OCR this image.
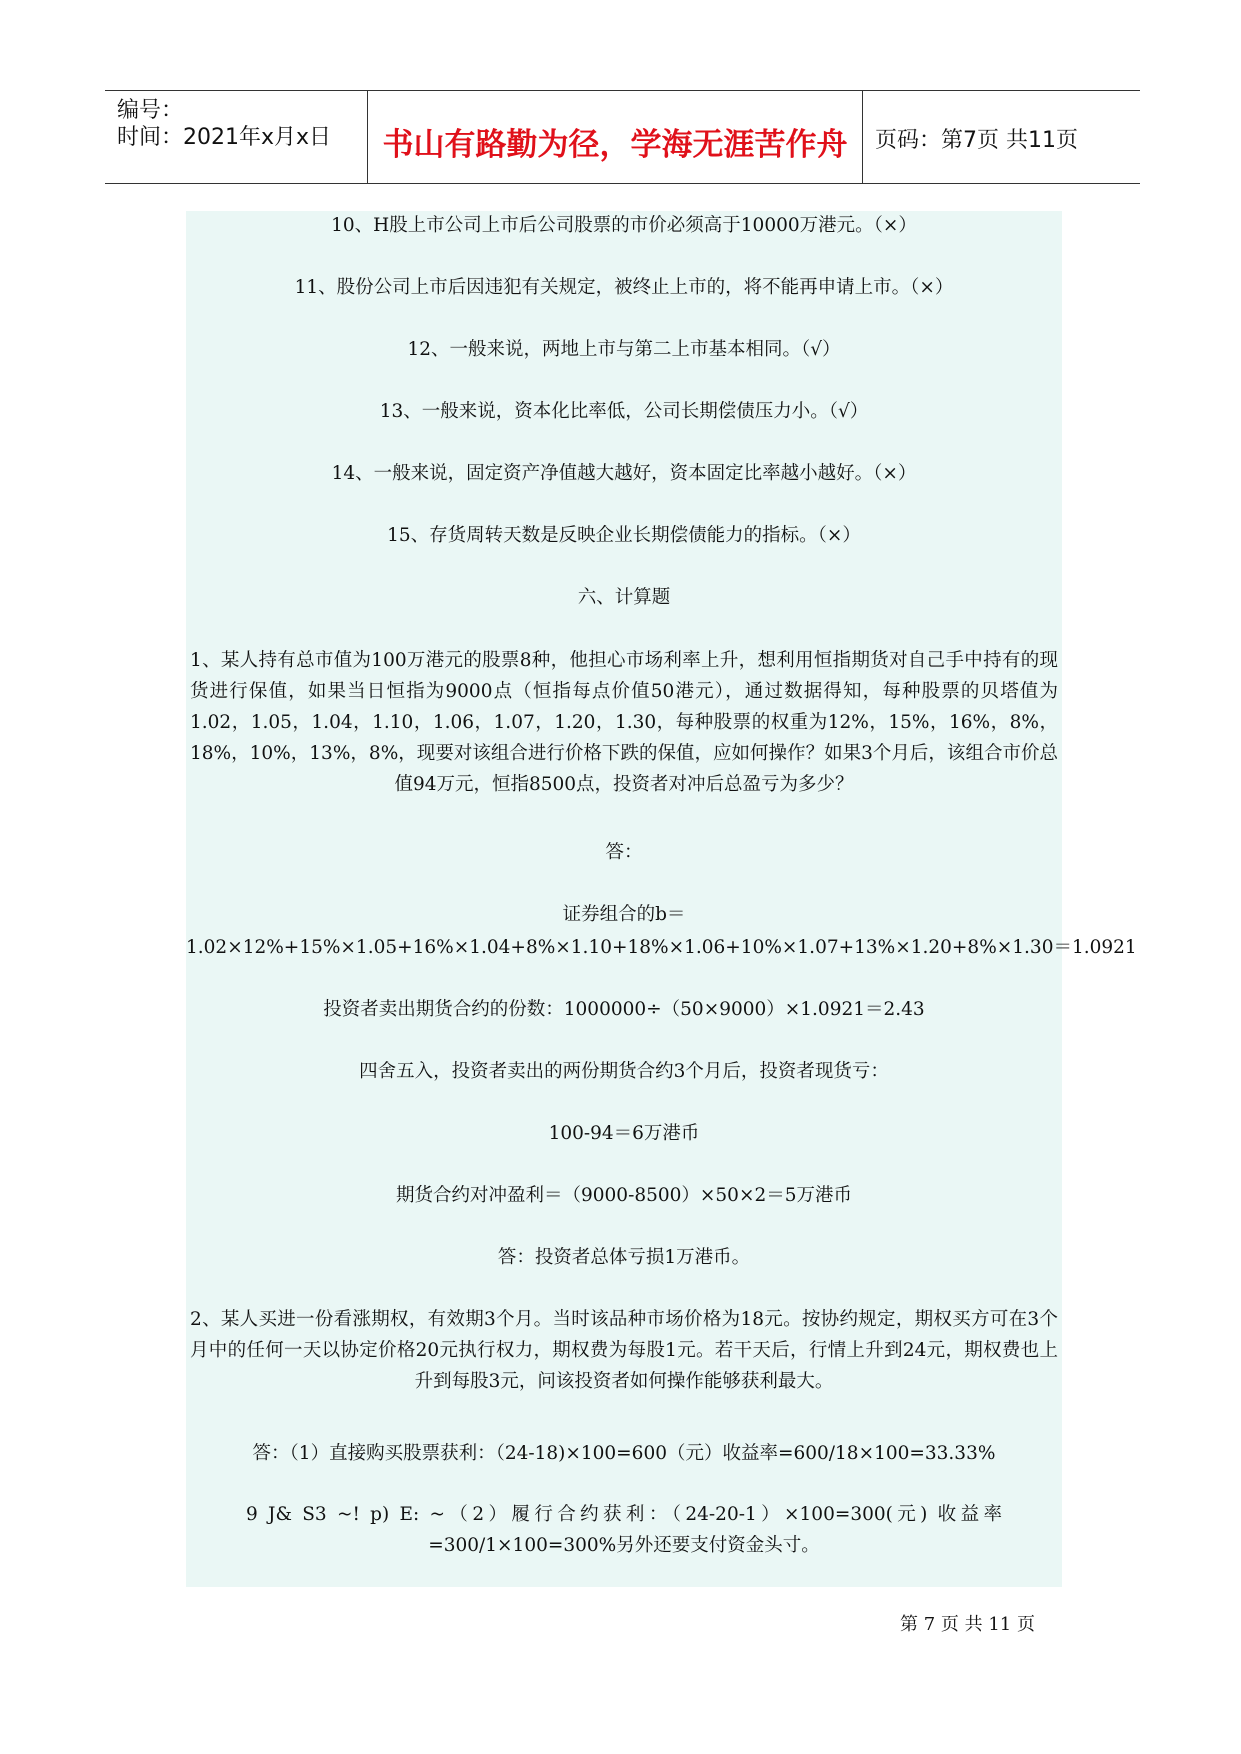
编号：
时间：2021年x月x日	书山有路勤为径，学海无涯苦作舟	页码：第7页 共11页
10、H股上市公司上市后公司股票的市价必须高于10000万港元。（×）
11、股份公司上市后因违犯有关规定，被终止上市的，将不能再申请上市。（×）
12、一般来说，两地上市与第二上市基本相同。（√）
13、一般来说，资本化比率低，公司长期偿债压力小。（√）
14、一般来说，固定资产净值越大越好，资本固定比率越小越好。（×）
15、存货周转天数是反映企业长期偿债能力的指标。（×）
六、计算题
1、某人持有总市值为100万港元的股票8种，他担心市场利率上升，想利用恒指期货对自己手中持有的现货进行保值，如果当日恒指为9000点（恒指每点价值50港元），通过数据得知，每种股票的贝塔值为1.02，1.05，1.04，1.10，1.06，1.07，1.20，1.30，每种股票的权重为12%，15%，16%，8%，18%，10%，13%，8%，现要对该组合进行价格下跌的保值，应如何操作？如果3个月后，该组合市价总值94万元，恒指8500点，投资者对冲后总盈亏为多少？
答：
证券组合的b＝
1.02×12%+15%×1.05+16%×1.04+8%×1.10+18%×1.06+10%×1.07+13%×1.20+8%×1.30＝1.0921
投资者卖出期货合约的份数：1000000÷（50×9000）×1.0921＝2.43
四舍五入，投资者卖出的两份期货合约3个月后，投资者现货亏：
100-94＝6万港币
期货合约对冲盈利＝（9000-8500）×50×2＝5万港币
答：投资者总体亏损1万港币。
2、某人买进一份看涨期权，有效期3个月。当时该品种市场价格为18元。按协约规定，期权买方可在3个月中的任何一天以协定价格20元执行权力，期权费为每股1元。若干天后，行情上升到24元，期权费也上升到每股3元，问该投资者如何操作能够获利最大。
答：（1）直接购买股票获利：（24-18)×100=600（元）收益率=600/18×100=33.33%
9 J& S3 ~! p) E: ~（2）履行合约获利：（24-20-1）×100=300(元) 收益率=300/1×100=300%另外还要支付资金头寸。
第 7 页 共 11 页
